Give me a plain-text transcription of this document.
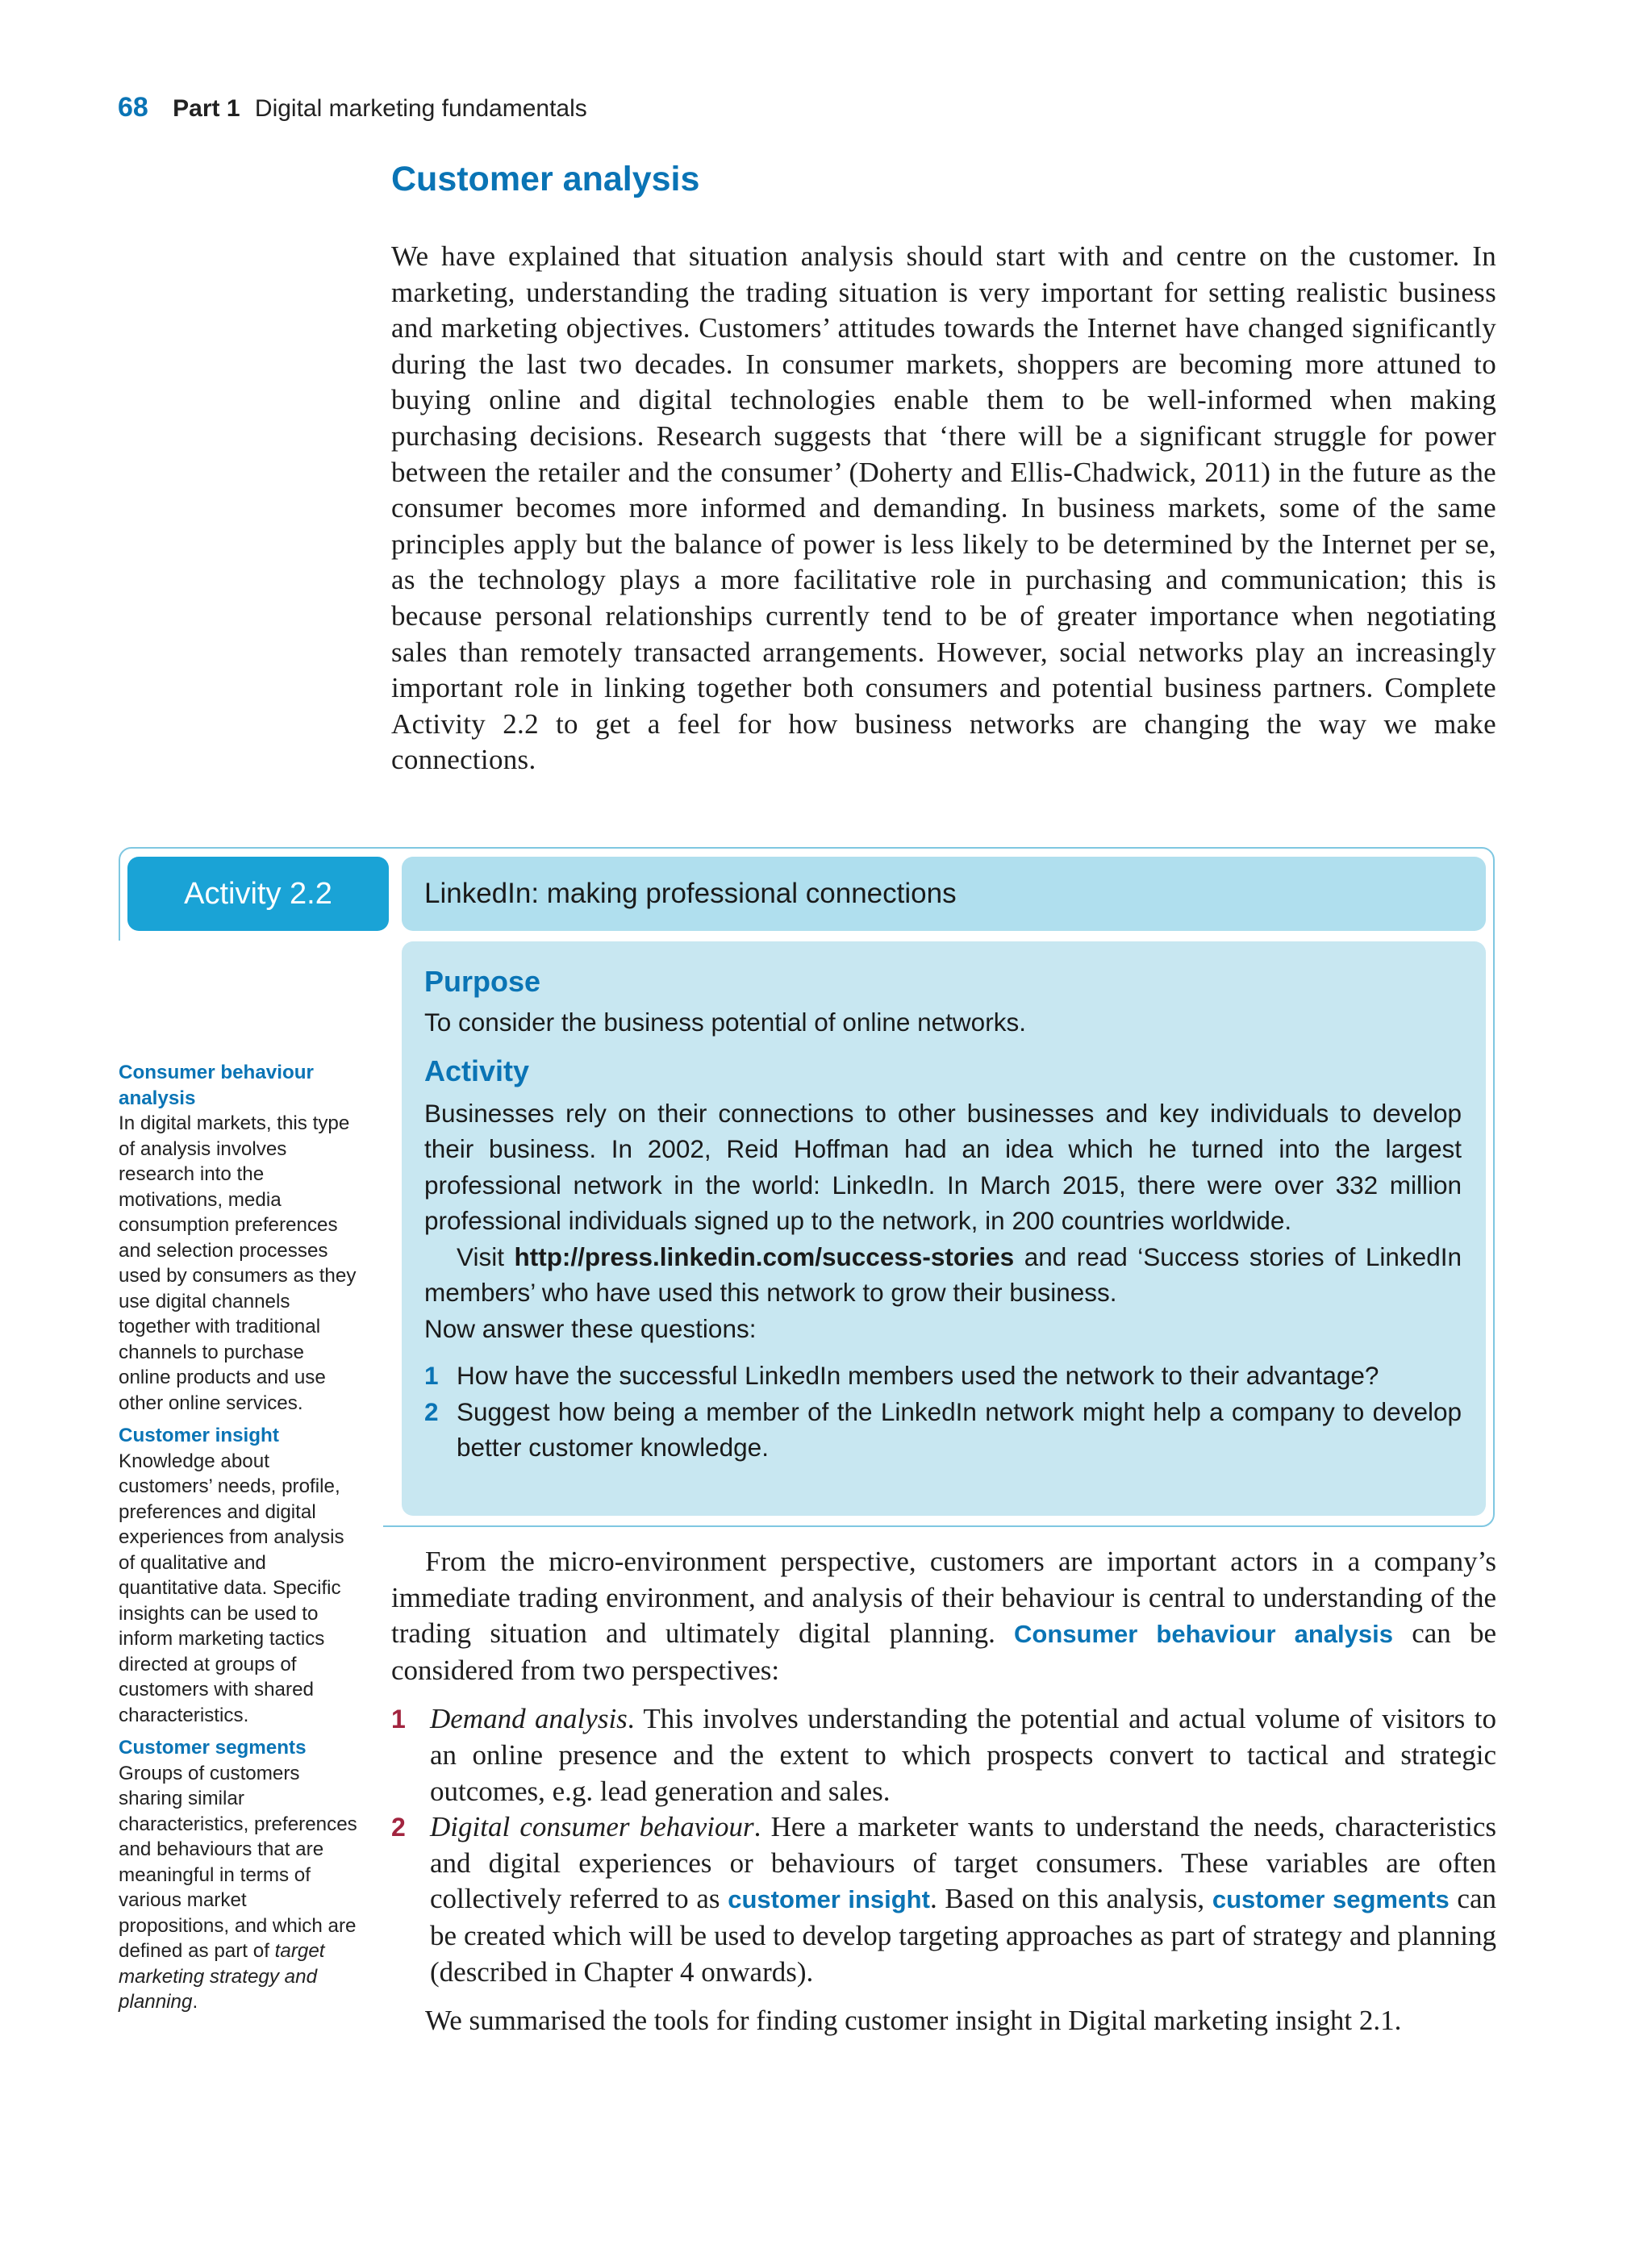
68 Part 1 Digital marketing fundamentals
Customer analysis

We have explained that situation analysis should start with and centre on the customer. In marketing, understanding the trading situation is very important for setting realistic business and marketing objectives. Customers’ attitudes towards the Internet have changed significantly during the last two decades. In consumer markets, shoppers are becoming more attuned to buying online and digital technologies enable them to be well-informed when making purchasing decisions. Research suggests that ‘there will be a significant struggle for power between the retailer and the consumer’ (Doherty and Ellis-Chadwick, 2011) in the future as the consumer becomes more informed and demanding. In business markets, some of the same principles apply but the balance of power is less likely to be determined by the Internet per se, as the technology plays a more facilitative role in purchasing and communication; this is because personal relationships currently tend to be of greater importance when negotiating sales than remotely transacted arrangements. However, social networks play an increasingly important role in linking together both consumers and potential business partners. Complete Activity 2.2 to get a feel for how business networks are changing the way we make connections.

Activity 2.2	LinkedIn: making professional connections
Purpose

To consider the business potential of online networks.

Activity

Businesses rely on their connections to other businesses and key individuals to develop their business. In 2002, Reid Hoffman had an idea which he turned into the largest professional network in the world: LinkedIn. In March 2015, there were over 332 million professional individuals signed up to the network, in 200 countries worldwide.
Visit http://press.linkedin.com/success-stories and read ‘Success stories of LinkedIn members’ who have used this network to grow their business.

Now answer these questions:

1 How have the successful LinkedIn members used the network to their advantage?
2 Suggest how being a member of the LinkedIn network might help a company to develop better customer knowledge.
Consumer behaviour analysis
In digital markets, this type of analysis involves research into the motivations, media consumption preferences and selection processes used by consumers as they use digital channels together with traditional channels to purchase online products and use other online services.
Customer insight
Knowledge about customers’ needs, profile, preferences and digital experiences from analysis of qualitative and quantitative data. Specific insights can be used to inform marketing tactics directed at groups of customers with shared characteristics.
Customer segments
Groups of customers sharing similar characteristics, preferences and behaviours that are meaningful in terms of various market propositions, and which are defined as part of target marketing strategy and planning.

From the micro-environment perspective, customers are important actors in a company’s immediate trading environment, and analysis of their behaviour is central to understanding of the trading situation and ultimately digital planning. Consumer behaviour analysis can be considered from two perspectives:

1 Demand analysis. This involves understanding the potential and actual volume of visitors to an online presence and the extent to which prospects convert to tactical and strategic outcomes, e.g. lead generation and sales.
2 Digital consumer behaviour. Here a marketer wants to understand the needs, characteristics and digital experiences or behaviours of target consumers. These variables are often collectively referred to as customer insight. Based on this analysis, customer segments can be created which will be used to develop targeting approaches as part of strategy and planning (described in Chapter 4 onwards).

We summarised the tools for finding customer insight in Digital marketing insight 2.1.
